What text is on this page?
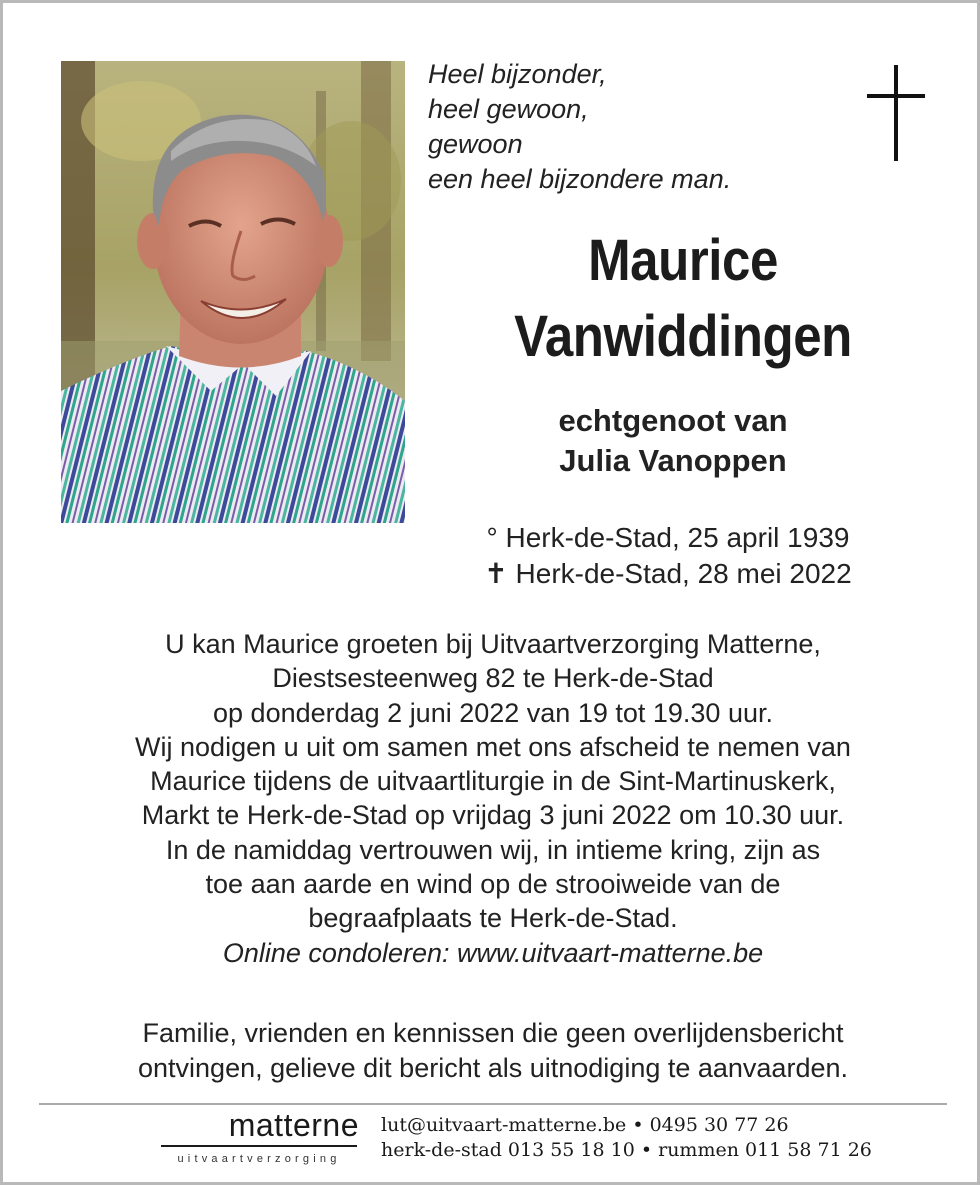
Heel bijzonder,
heel gewoon,
gewoon
een heel bijzondere man.
Maurice
Vanwiddingen
echtgenoot van
Julia Vanoppen
° Herk-de-Stad, 25 april 1939
✝ Herk-de-Stad, 28 mei 2022
U kan Maurice groeten bij Uitvaartverzorging Matterne,
Diestsesteenweg 82 te Herk-de-Stad
op donderdag 2 juni 2022 van 19 tot 19.30 uur.
Wij nodigen u uit om samen met ons afscheid te nemen van
Maurice tijdens de uitvaartliturgie in de Sint-Martinuskerk,
Markt te Herk-de-Stad op vrijdag 3 juni 2022 om 10.30 uur.
In de namiddag vertrouwen wij, in intieme kring, zijn as
toe aan aarde en wind op de strooiweide van de
begraafplaats te Herk-de-Stad.
Online condoleren: www.uitvaart-matterne.be
Familie, vrienden en kennissen die geen overlijdensbericht
ontvingen, gelieve dit bericht als uitnodiging te aanvaarden.
matterne
uitvaartverzorging
lut@uitvaart-matterne.be • 0495 30 77 26
herk-de-stad 013 55 18 10 • rummen 011 58 71 26
